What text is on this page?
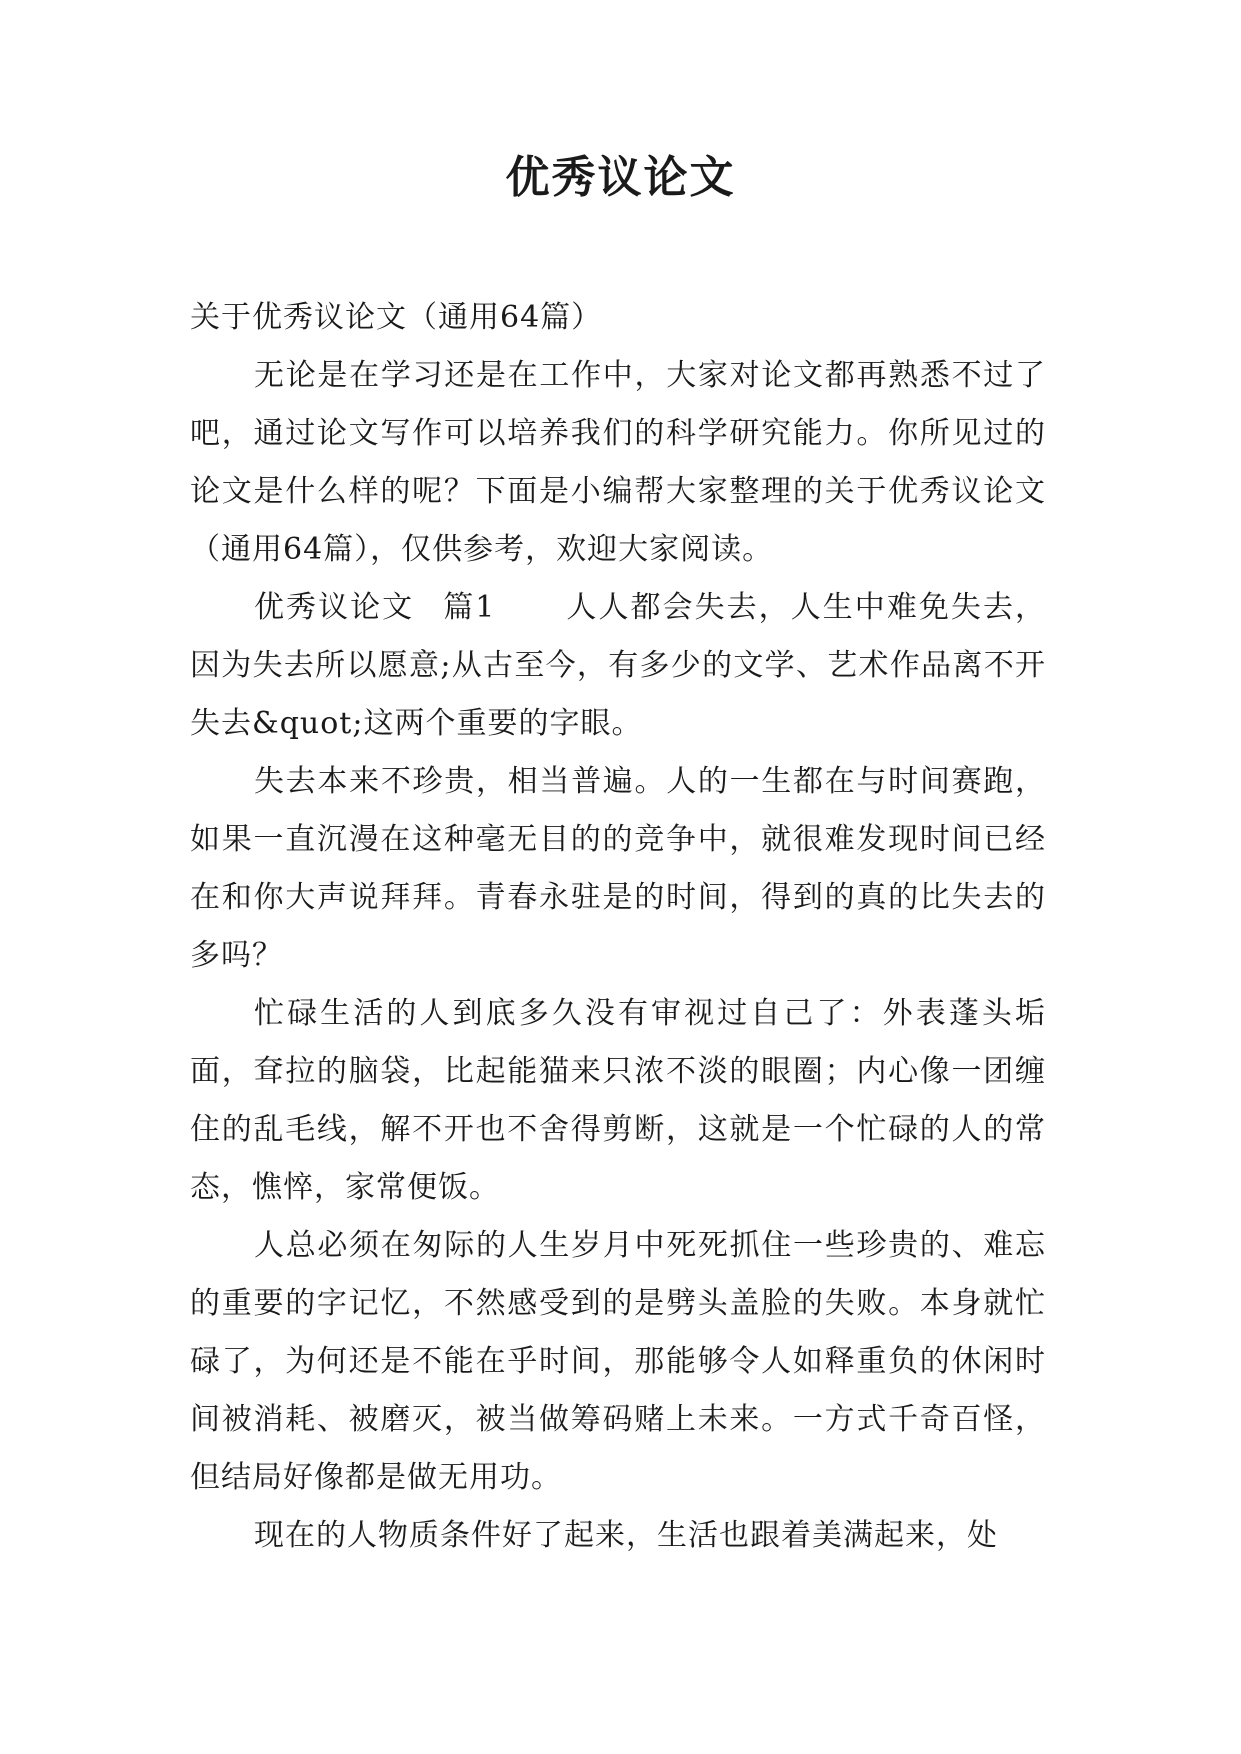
优秀议论文

关于优秀议论文（通用64篇）

无论是在学习还是在工作中，大家对论文都再熟悉不过了吧，通过论文写作可以培养我们的科学研究能力。你所见过的论文是什么样的呢？下面是小编帮大家整理的关于优秀议论文（通用64篇），仅供参考，欢迎大家阅读。

优秀议论文 篇1 人人都会失去，人生中难免失去，因为失去所以愿意;从古至今，有多少的文学、艺术作品离不开失去&quot;这两个重要的字眼。

失去本来不珍贵，相当普遍。人的一生都在与时间赛跑，如果一直沉漫在这种毫无目的的竞争中，就很难发现时间已经在和你大声说拜拜。青春永驻是的时间，得到的真的比失去的多吗？

忙碌生活的人到底多久没有审视过自己了：外表蓬头垢面，耷拉的脑袋，比起能猫来只浓不淡的眼圈；内心像一团缠住的乱毛线，解不开也不舍得剪断，这就是一个忙碌的人的常态，憔悴，家常便饭。

人总必须在匆际的人生岁月中死死抓住一些珍贵的、难忘的重要的字记忆，不然感受到的是劈头盖脸的失败。本身就忙碌了，为何还是不能在乎时间，那能够令人如释重负的休闲时间被消耗、被磨灭，被当做筹码赌上未来。一方式千奇百怪，但结局好像都是做无用功。

现在的人物质条件好了起来，生活也跟着美满起来，处
